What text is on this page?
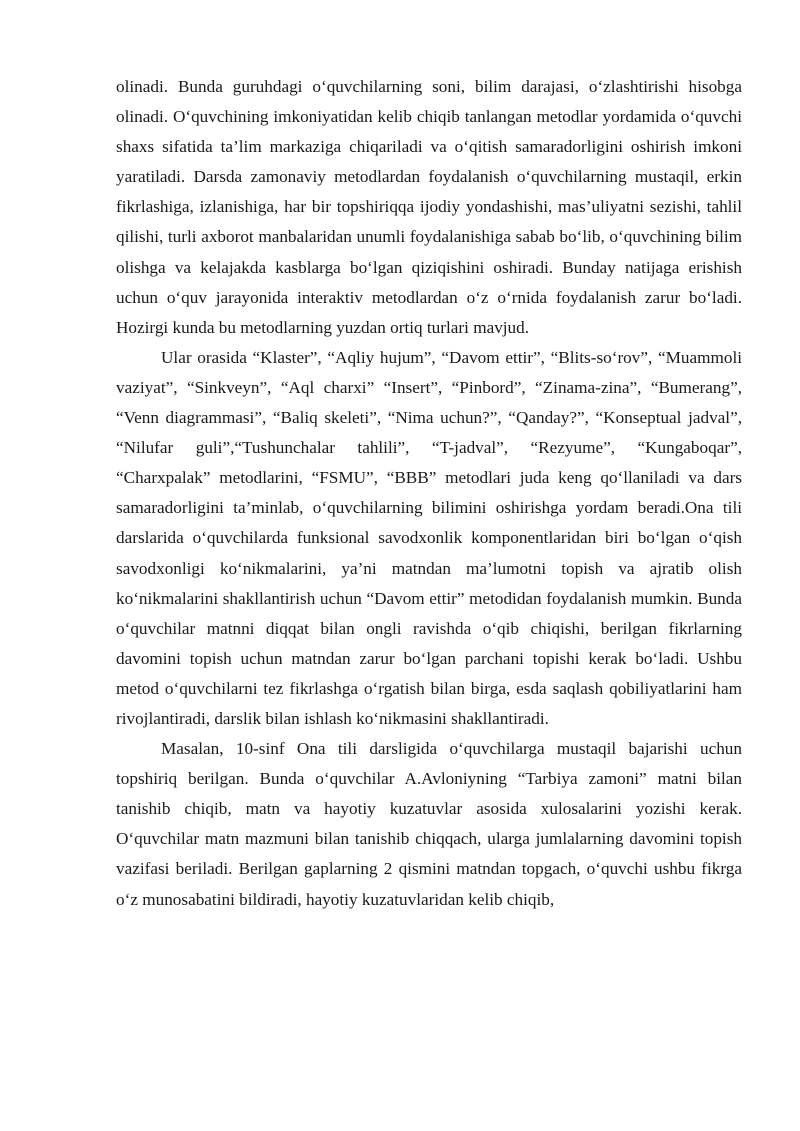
olinadi. Bunda guruhdagi o‘quvchilarning soni, bilim darajasi, o‘zlashtirishi hisobga olinadi. O‘quvchining imkoniyatidan kelib chiqib tanlangan metodlar yordamida o‘quvchi shaxs sifatida ta’lim markaziga chiqariladi va o‘qitish samaradorligini oshirish imkoni yaratiladi. Darsda zamonaviy metodlardan foydalanish o‘quvchilarning mustaqil, erkin fikrlashiga, izlanishiga, har bir topshiriqqa ijodiy yondashishi, mas’uliyatni sezishi, tahlil qilishi, turli axborot manbalaridan unumli foydalanishiga sabab bo‘lib, o‘quvchining bilim olishga va kelajakda kasblarga bo‘lgan qiziqishini oshiradi. Bunday natijaga erishish uchun o‘quv jarayonida interaktiv metodlardan o‘z o‘rnida foydalanish zarur bo‘ladi. Hozirgi kunda bu metodlarning yuzdan ortiq turlari mavjud.

Ular orasida “Klaster”, “Aqliy hujum”, “Davom ettir”, “Blits-so‘rov”, “Muammoli vaziyat”, “Sinkveyn”, “Aql charxi” “Insert”, “Pinbord”, “Zinama-zina”, “Bumerang”, “Venn diagrammasi”, “Baliq skeleti”, “Nima uchun?”, “Qanday?”, “Konseptual jadval”, “Nilufar guli”,“Tushunchalar tahlili”, “T-jadval”, “Rezyume”, “Kungaboqar”, “Charxpalak” metodlarini, “FSMU”, “BBB” metodlari juda keng qo‘llaniladi va dars samaradorligini ta’minlab, o‘quvchilarning bilimini oshirishga yordam beradi.Ona tili darslarida o‘quvchilarda funksional savodxonlik komponentlaridan biri bo‘lgan o‘qish savodxonligi ko‘nikmalarini, ya’ni matndan ma’lumotni topish va ajratib olish ko‘nikmalarini shakllantirish uchun “Davom ettir” metodidan foydalanish mumkin. Bunda o‘quvchilar matnni diqqat bilan ongli ravishda o‘qib chiqishi, berilgan fikrlarning davomini topish uchun matndan zarur bo‘lgan parchani topishi kerak bo‘ladi. Ushbu metod o‘quvchilarni tez fikrlashga o‘rgatish bilan birga, esda saqlash qobiliyatlarini ham rivojlantiradi, darslik bilan ishlash ko‘nikmasini shakllantiradi.

Masalan, 10-sinf Ona tili darsligida o‘quvchilarga mustaqil bajarishi uchun topshiriq berilgan. Bunda o‘quvchilar A.Avloniyning “Tarbiya zamoni” matni bilan tanishib chiqib, matn va hayotiy kuzatuvlar asosida xulosalarini yozishi kerak. O‘quvchilar matn mazmuni bilan tanishib chiqqach, ularga jumlalarning davomini topish vazifasi beriladi. Berilgan gaplarning 2 qismini matndan topgach, o‘quvchi ushbu fikrga o‘z munosabatini bildiradi, hayotiy kuzatuvlaridan kelib chiqib,
